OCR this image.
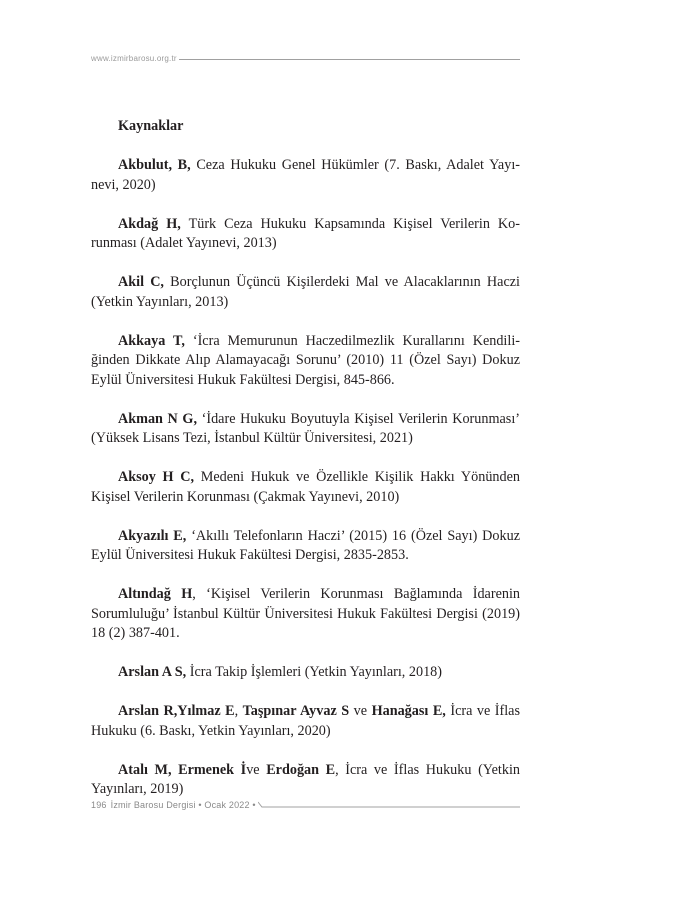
www.izmirbarosu.org.tr
Kaynaklar

Akbulut, B, Ceza Hukuku Genel Hükümler (7. Baskı, Adalet Yayınevi, 2020)

Akdağ H, Türk Ceza Hukuku Kapsamında Kişisel Verilerin Korunması (Adalet Yayınevi, 2013)

Akil C, Borçlunun Üçüncü Kişilerdeki Mal ve Alacaklarının Haczi (Yetkin Yayınları, 2013)

Akkaya T, ‘İcra Memurunun Haczedilmezlik Kurallarını Kendiliğinden Dikkate Alıp Alamayacağı Sorunu’ (2010) 11 (Özel Sayı) Dokuz Eylül Üniversitesi Hukuk Fakültesi Dergisi, 845-866.

Akman N G, ‘İdare Hukuku Boyutuyla Kişisel Verilerin Korunması’ (Yüksek Lisans Tezi, İstanbul Kültür Üniversitesi, 2021)

Aksoy H C, Medeni Hukuk ve Özellikle Kişilik Hakkı Yönünden Kişisel Verilerin Korunması (Çakmak Yayınevi, 2010)

Akyazılı E, ‘Akıllı Telefonların Haczi’ (2015) 16 (Özel Sayı) Dokuz Eylül Üniversitesi Hukuk Fakültesi Dergisi, 2835-2853.

Altındağ H, ‘Kişisel Verilerin Korunması Bağlamında İdarenin Sorumluluğu’ İstanbul Kültür Üniversitesi Hukuk Fakültesi Dergisi (2019) 18 (2) 387-401.

Arslan A S, İcra Takip İşlemleri (Yetkin Yayınları, 2018)

Arslan R,Yılmaz E, Taşpınar Ayvaz S ve Hanağası E, İcra ve İflas Hukuku (6. Baskı, Yetkin Yayınları, 2020)

Atalı M, Ermenek İve Erdoğan E, İcra ve İflas Hukuku (Yetkin Yayınları, 2019)

196 İzmir Barosu Dergisi • Ocak 2022 •
